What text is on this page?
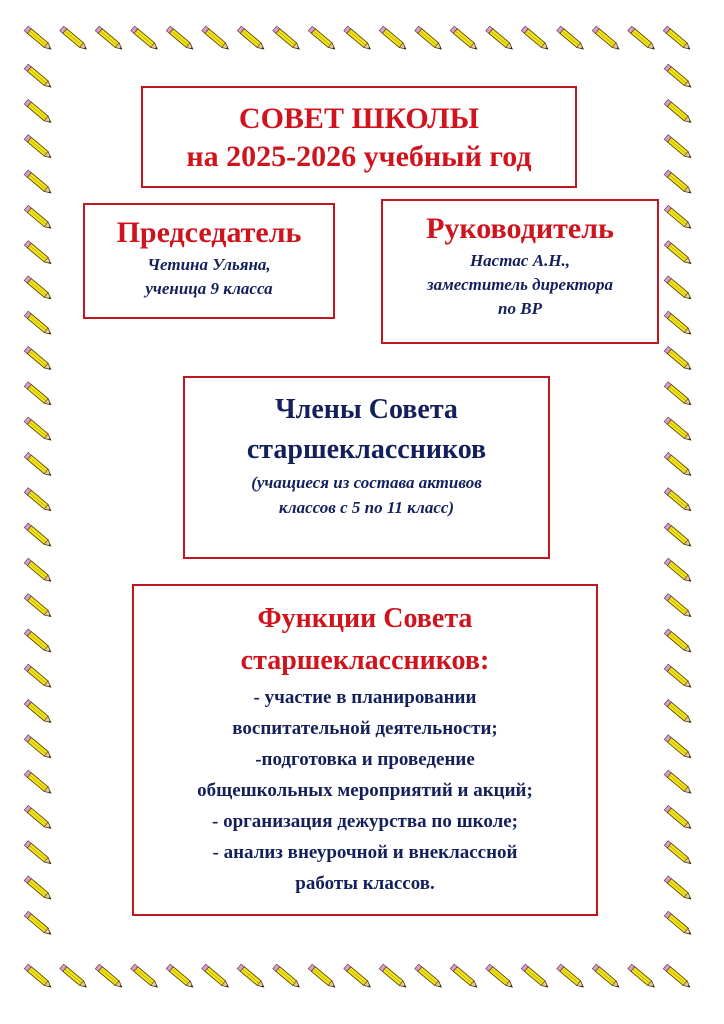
СОВЕТ ШКОЛЫ
на 2025-2026 учебный год
Председатель
Четина Ульяна,
ученица 9 класса
Руководитель
Настас А.Н.,
заместитель директора
по ВР
Члены Совета
старшеклассников
(учащиеся из состава активов
классов с 5 по 11 класс)
Функции Совета
старшеклассников:
- участие в планировании
воспитательной деятельности;
-подготовка и проведение
общешкольных мероприятий и акций;
- организация дежурства по школе;
- анализ внеурочной и внеклассной
работы классов.
